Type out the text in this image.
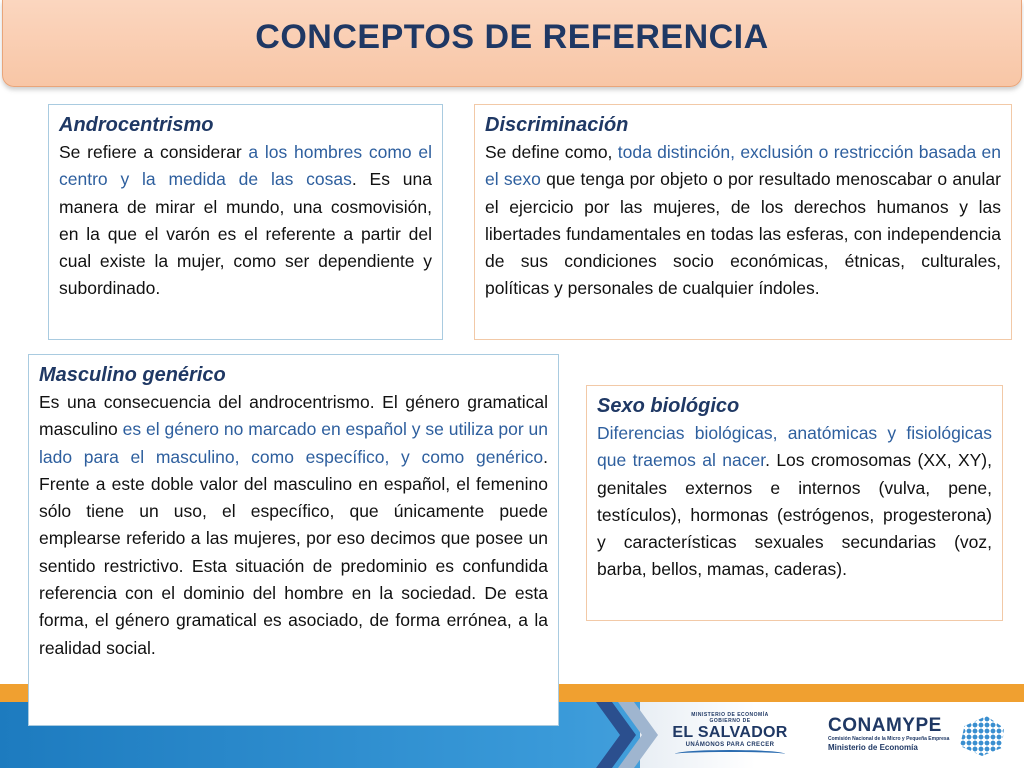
CONCEPTOS DE REFERENCIA
Androcentrismo

Se refiere a considerar a los hombres como el centro y la medida de las cosas. Es una manera de mirar el mundo, una cosmovisión, en la que el varón es el referente a partir del cual existe la mujer, como ser dependiente y subordinado.

Discriminación

Se define como, toda distinción, exclusión o restricción basada en el sexo que tenga por objeto o por resultado menoscabar o anular el ejercicio por las mujeres, de los derechos humanos y las libertades fundamentales en todas las esferas, con independencia de sus condiciones socio económicas, étnicas, culturales, políticas y personales de cualquier índoles.

MINISTERIO DE ECONOMÍA
GOBIERNO DE
EL SALVADOR
UNÁMONOS PARA CRECER
CONAMYPE
Comisión Nacional de la Micro y Pequeña Empresa
Ministerio de Economía
Masculino genérico

Es una consecuencia del androcentrismo. El género gramatical masculino es el género no marcado en español y se utiliza por un lado para el masculino, como específico, y como genérico. Frente a este doble valor del masculino en español, el femenino sólo tiene un uso, el específico, que únicamente puede emplearse referido a las mujeres, por eso decimos que posee un sentido restrictivo. Esta situación de predominio es confundida referencia con el dominio del hombre en la sociedad. De esta forma, el género gramatical es asociado, de forma errónea, a la realidad social.

Sexo biológico

Diferencias biológicas, anatómicas y fisiológicas que traemos al nacer. Los cromosomas (XX, XY), genitales externos e internos (vulva, pene, testículos), hormonas (estrógenos, progesterona) y características sexuales secundarias (voz, barba, bellos, mamas, caderas).
